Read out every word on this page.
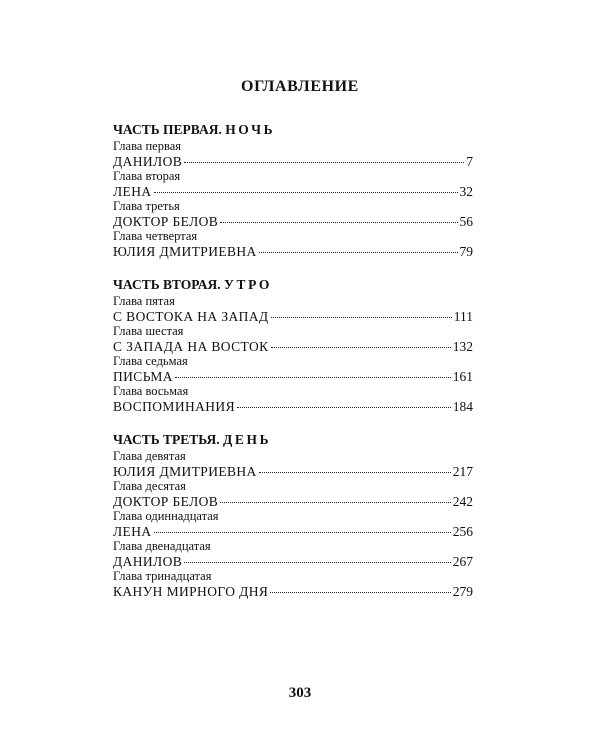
ОГЛАВЛЕНИЕ
ЧАСТЬ ПЕРВАЯ. НОЧЬ
Глава первая
ДАНИЛОВ	7
Глава вторая
ЛЕНА	32
Глава третья
ДОКТОР БЕЛОВ	56
Глава четвертая
ЮЛИЯ ДМИТРИЕВНА	79
ЧАСТЬ ВТОРАЯ. УТРО
Глава пятая
С ВОСТОКА НА ЗАПАД	111
Глава шестая
С ЗАПАДА НА ВОСТОК	132
Глава седьмая
ПИСЬМА	161
Глава восьмая
ВОСПОМИНАНИЯ	184
ЧАСТЬ ТРЕТЬЯ. ДЕНЬ
Глава девятая
ЮЛИЯ ДМИТРИЕВНА	217
Глава десятая
ДОКТОР БЕЛОВ	242
Глава одиннадцатая
ЛЕНА	256
Глава двенадцатая
ДАНИЛОВ	267
Глава тринадцатая
КАНУН МИРНОГО ДНЯ	279
303
